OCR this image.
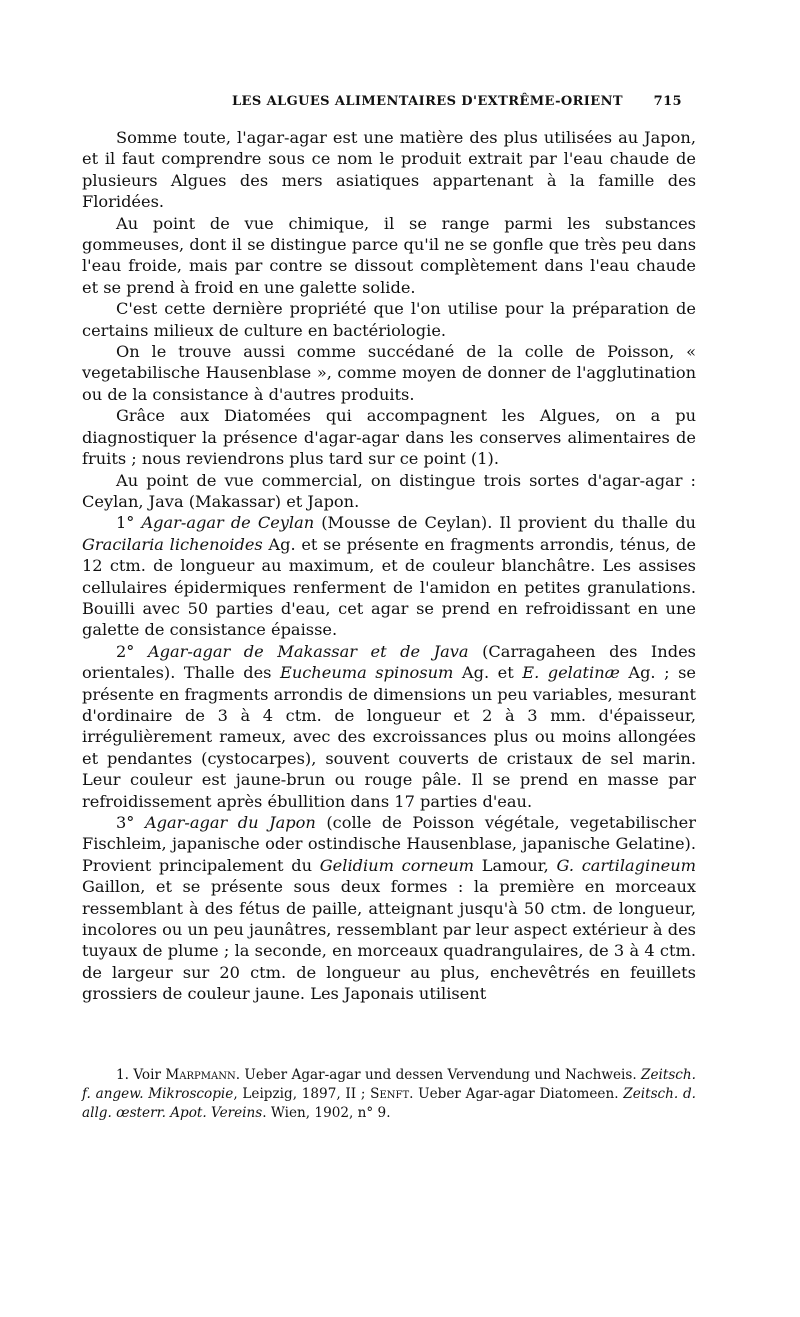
LES ALGUES ALIMENTAIRES D'EXTRÊME-ORIENT 715

Somme toute, l'agar-agar est une matière des plus utilisées au Japon, et il faut comprendre sous ce nom le produit extrait par l'eau chaude de plusieurs Algues des mers asiatiques appartenant à la famille des Floridées.

Au point de vue chimique, il se range parmi les substances gommeuses, dont il se distingue parce qu'il ne se gonfle que très peu dans l'eau froide, mais par contre se dissout complètement dans l'eau chaude et se prend à froid en une galette solide.

C'est cette dernière propriété que l'on utilise pour la préparation de certains milieux de culture en bactériologie.

On le trouve aussi comme succédané de la colle de Poisson, « vegetabilische Hausenblase », comme moyen de donner de l'agglutination ou de la consistance à d'autres produits.

Grâce aux Diatomées qui accompagnent les Algues, on a pu diagnostiquer la présence d'agar-agar dans les conserves alimentaires de fruits ; nous reviendrons plus tard sur ce point (1).

Au point de vue commercial, on distingue trois sortes d'agar-agar : Ceylan, Java (Makassar) et Japon.

1° Agar-agar de Ceylan (Mousse de Ceylan). Il provient du thalle du Gracilaria lichenoides Ag. et se présente en fragments arrondis, ténus, de 12 ctm. de longueur au maximum, et de couleur blanchâtre. Les assises cellulaires épidermiques renferment de l'amidon en petites granulations. Bouilli avec 50 parties d'eau, cet agar se prend en refroidissant en une galette de consistance épaisse.

2° Agar-agar de Makassar et de Java (Carragaheen des Indes orientales). Thalle des Eucheuma spinosum Ag. et E. gelatinæ Ag. ; se présente en fragments arrondis de dimensions un peu variables, mesurant d'ordinaire de 3 à 4 ctm. de longueur et 2 à 3 mm. d'épaisseur, irrégulièrement rameux, avec des excroissances plus ou moins allongées et pendantes (cystocarpes), souvent couverts de cristaux de sel marin. Leur couleur est jaune-brun ou rouge pâle. Il se prend en masse par refroidissement après ébullition dans 17 parties d'eau.

3° Agar-agar du Japon (colle de Poisson végétale, vegetabilischer Fischleim, japanische oder ostindische Hausenblase, japanische Gelatine). Provient principalement du Gelidium corneum Lamour, G. cartilagineum Gaillon, et se présente sous deux formes : la première en morceaux ressemblant à des fétus de paille, atteignant jusqu'à 50 ctm. de longueur, incolores ou un peu jaunâtres, ressemblant par leur aspect extérieur à des tuyaux de plume ; la seconde, en morceaux quadrangulaires, de 3 à 4 ctm. de largeur sur 20 ctm. de longueur au plus, enchevêtrés en feuillets grossiers de couleur jaune. Les Japonais utilisent

1. Voir Marpmann. Ueber Agar-agar und dessen Vervendung und Nachweis. Zeitsch. f. angew. Mikroscopie, Leipzig, 1897, II ; Senft. Ueber Agar-agar Diatomeen. Zeitsch. d. allg. œsterr. Apot. Vereins. Wien, 1902, n° 9.
